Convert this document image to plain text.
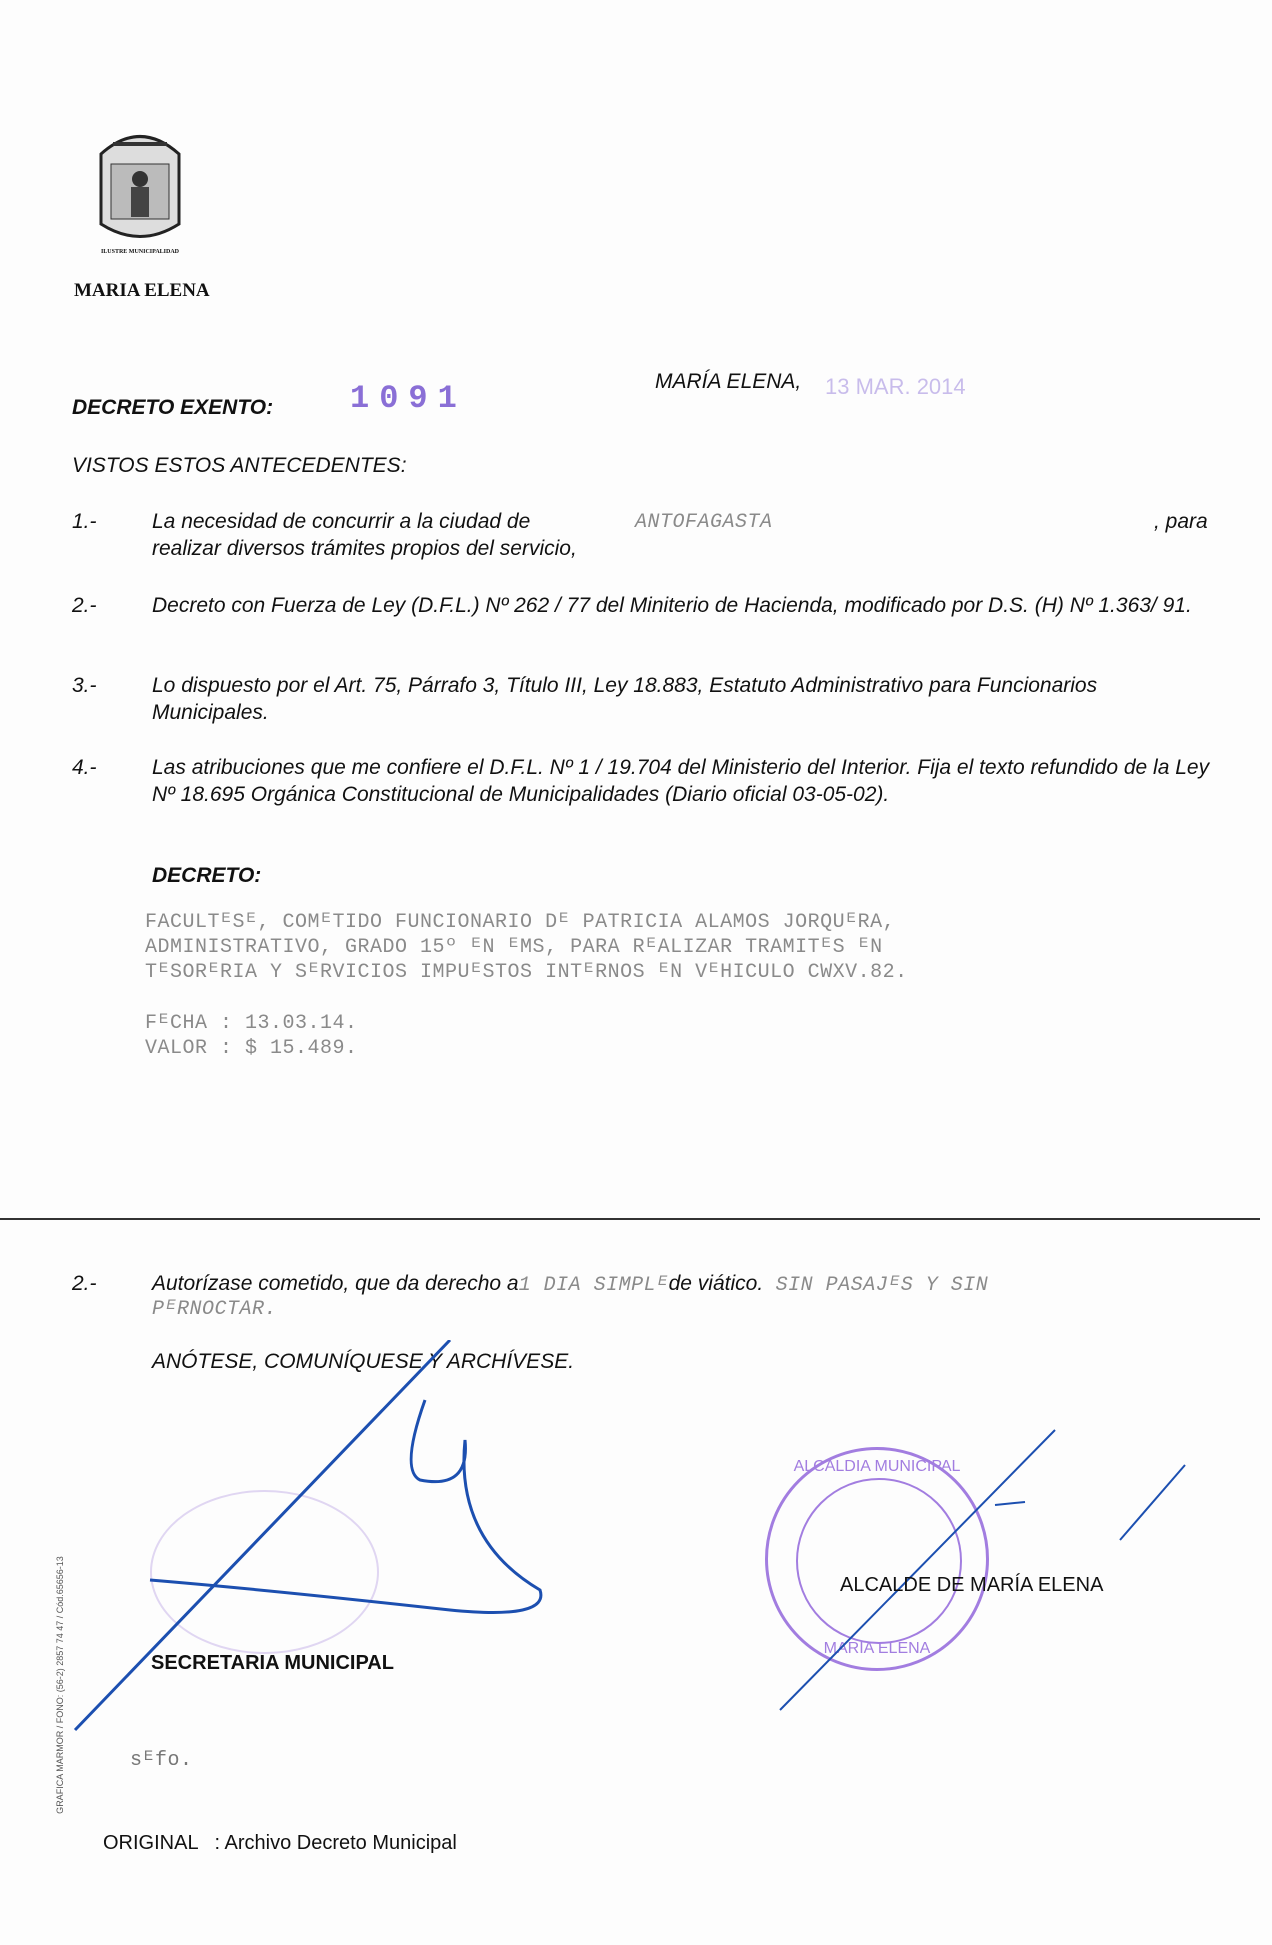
ILUSTRE MUNICIPALIDAD
MARIA ELENA
DECRETO EXENTO: 1091	MARÍA ELENA, 13 MAR. 2014
VISTOS ESTOS ANTECEDENTES:
1.-	La necesidad de concurrir a la ciudad de	ANTOFAGASTA	, para
realizar diversos trámites propios del servicio,
2.-	Decreto con Fuerza de Ley (D.F.L.) Nº 262 / 77 del Miniterio de Hacienda, modificado por D.S. (H) Nº 1.363/ 91.
3.-	Lo dispuesto por el Art. 75, Párrafo 3, Título III, Ley 18.883, Estatuto Administrativo para Funcionarios Municipales.
4.-	Las atribuciones que me confiere el D.F.L. Nº 1 / 19.704 del Ministerio del Interior. Fija el texto refundido de la Ley Nº 18.695 Orgánica Constitucional de Municipalidades (Diario oficial 03-05-02).
DECRETO:
FACULTᴱSᴱ, COMᴱTIDO FUNCIONARIO Dᴱ PATRICIA ALAMOS JORQUᴱRA,
ADMINISTRATIVO, GRADO 15º ᴱN ᴱMS, PARA RᴱALIZAR TRAMITᴱS ᴱN
TᴱSORᴱRIA Y SᴱRVICIOS IMPUᴱSTOS INTᴱRNOS ᴱN VᴱHICULO CWXV.82.
FᴱCHA : 13.03.14.
VALOR : $ 15.489.
2.-	Autorízase cometido, que da derecho a1 DIA SIMPLᴱde viático. SIN PASAJᴱS Y SIN
PᴱRNOCTAR.
ANÓTESE, COMUNÍQUESE Y ARCHÍVESE.
SECRETARIA MUNICIPAL
ALCALDIA MUNICIPAL
MARIA ELENA
ALCALDE DE MARÍA ELENA
sᴱfo.
ORIGINAL   : Archivo Decreto Municipal
GRAFICA MARMOR / FONO: (56-2) 2857 74 47 / Cód.65656-13
